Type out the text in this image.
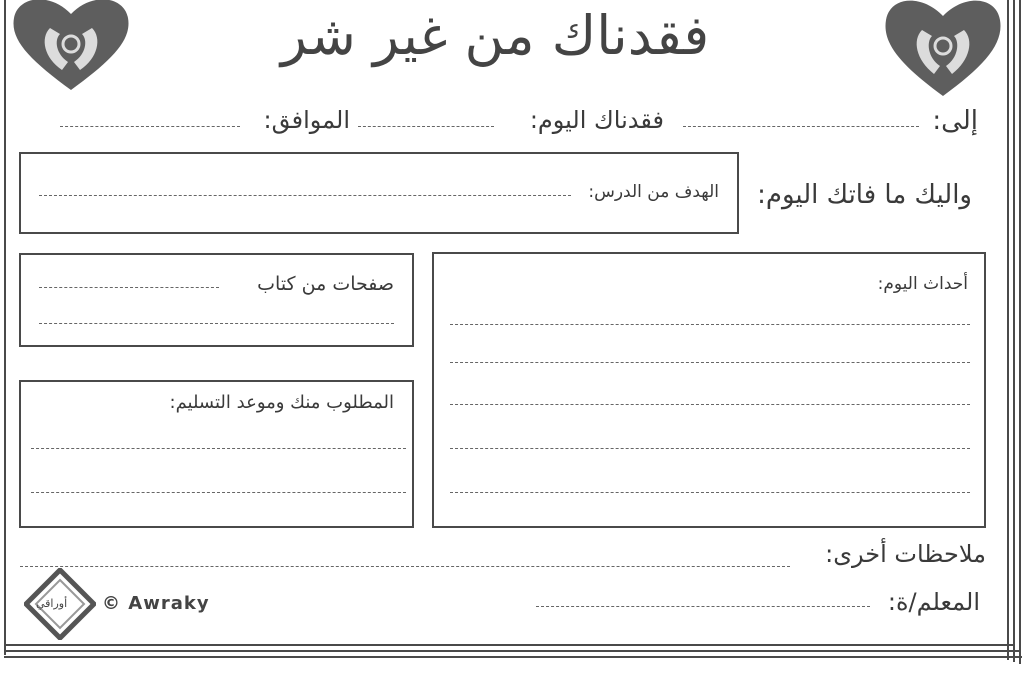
فقدناك من غير شر
إلى:
فقدناك اليوم:
الموافق:
واليك ما فاتك اليوم:
الهدف من الدرس:
صفحات من كتاب
المطلوب منك وموعد التسليم:
أحداث اليوم:
ملاحظات أخرى:
المعلم/ة:
أوراقي © Awraky
